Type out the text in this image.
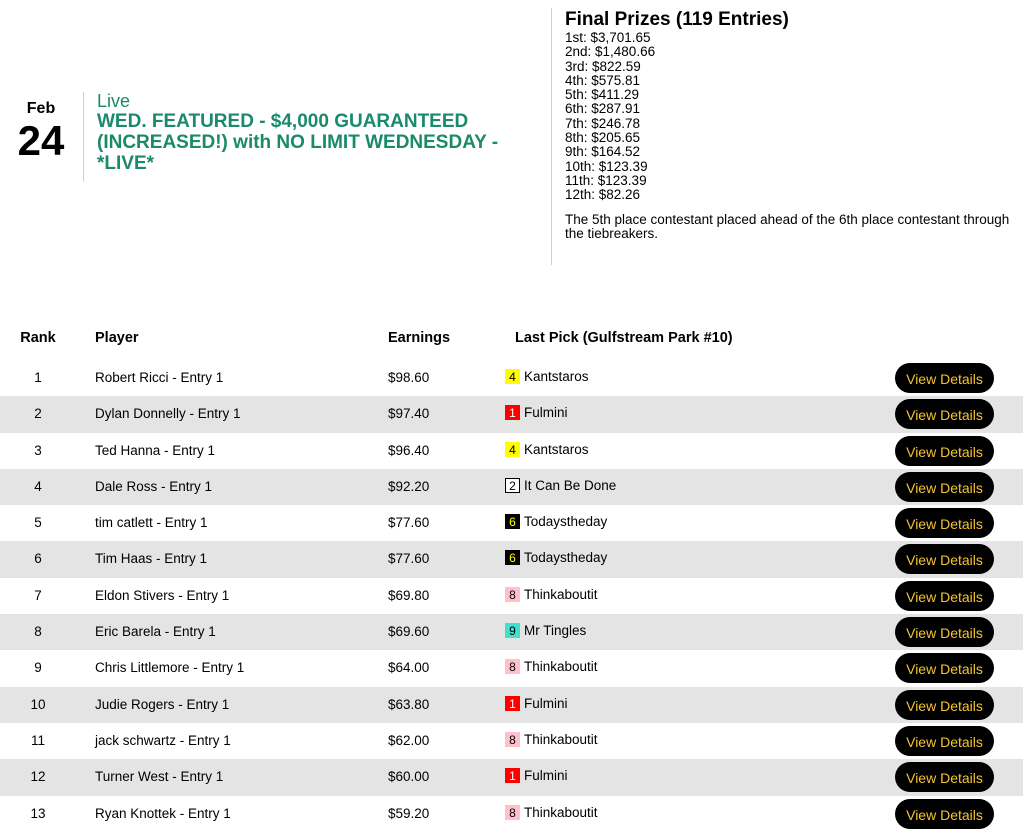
Feb
24
Live
WED. FEATURED - $4,000 GUARANTEED (INCREASED!) with NO LIMIT WEDNESDAY - *LIVE*
Final Prizes (119 Entries)
1st: $3,701.65
2nd: $1,480.66
3rd: $822.59
4th: $575.81
5th: $411.29
6th: $287.91
7th: $246.78
8th: $205.65
9th: $164.52
10th: $123.39
11th: $123.39
12th: $82.26
The 5th place contestant placed ahead of the 6th place contestant through the tiebreakers.
Rank	Player	Earnings	Last Pick (Gulfstream Park #10)
1	Robert Ricci - Entry 1	$98.60	4 Kantstaros	View Details
2	Dylan Donnelly - Entry 1	$97.40	1 Fulmini	View Details
3	Ted Hanna - Entry 1	$96.40	4 Kantstaros	View Details
4	Dale Ross - Entry 1	$92.20	2 It Can Be Done	View Details
5	tim catlett - Entry 1	$77.60	6 Todaystheday	View Details
6	Tim Haas - Entry 1	$77.60	6 Todaystheday	View Details
7	Eldon Stivers - Entry 1	$69.80	8 Thinkaboutit	View Details
8	Eric Barela - Entry 1	$69.60	9 Mr Tingles	View Details
9	Chris Littlemore - Entry 1	$64.00	8 Thinkaboutit	View Details
10	Judie Rogers - Entry 1	$63.80	1 Fulmini	View Details
11	jack schwartz - Entry 1	$62.00	8 Thinkaboutit	View Details
12	Turner West - Entry 1	$60.00	1 Fulmini	View Details
13	Ryan Knottek - Entry 1	$59.20	8 Thinkaboutit	View Details
